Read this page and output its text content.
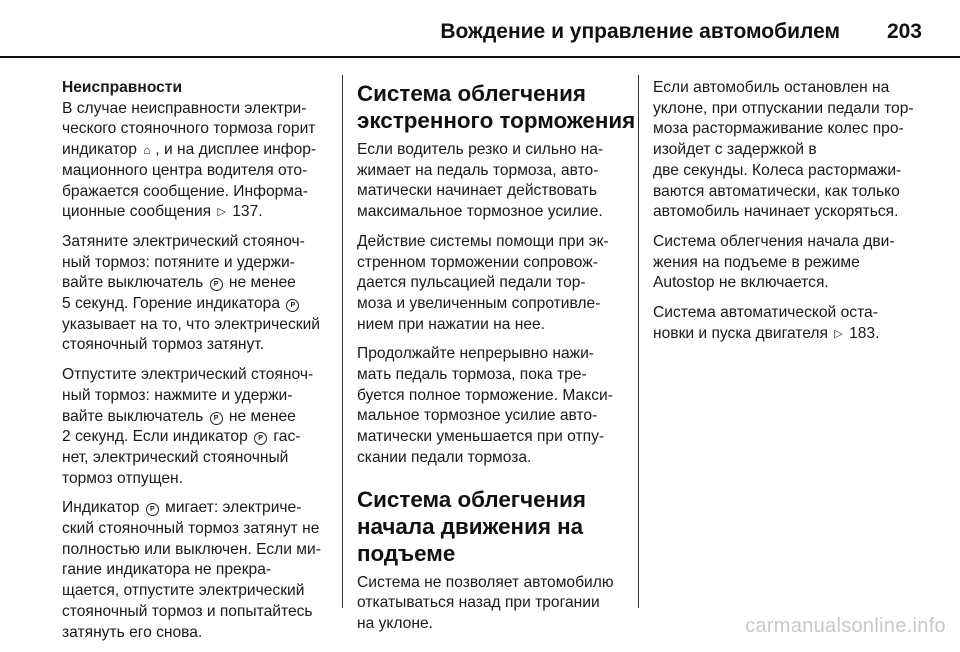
Вождение и управление автомобилем	203
Неисправности
В случае неисправности электри-
ческого стояночного тормоза горит
индикатор ⌂ , и на дисплее инфор-
мационного центра водителя ото-
бражается сообщение. Информа-
ционные сообщения ▷ 137.
Затяните электрический стояноч-
ный тормоз: потяните и удержи-
вайте выключатель P не менее
5 секунд. Горение индикатора P
указывает на то, что электрический
стояночный тормоз затянут.
Отпустите электрический стояноч-
ный тормоз: нажмите и удержи-
вайте выключатель P не менее
2 секунд. Если индикатор P гас-
нет, электрический стояночный
тормоз отпущен.
Индикатор P мигает: электриче-
ский стояночный тормоз затянут не
полностью или выключен. Если ми-
гание индикатора не прекра-
щается, отпустите электрический
стояночный тормоз и попытайтесь
затянуть его снова.
Система облегчения
экстренного торможения
Если водитель резко и сильно на-
жимает на педаль тормоза, авто-
матически начинает действовать
максимальное тормозное усилие.
Действие системы помощи при эк-
стренном торможении сопровож-
дается пульсацией педали тор-
моза и увеличенным сопротивле-
нием при нажатии на нее.
Продолжайте непрерывно нажи-
мать педаль тормоза, пока тре-
буется полное торможение. Макси-
мальное тормозное усилие авто-
матически уменьшается при отпу-
скании педали тормоза.
Система облегчения
начала движения на
подъеме
Система не позволяет автомобилю
откатываться назад при трогании
на уклоне.
Если автомобиль остановлен на
уклоне, при отпускании педали тор-
моза растормаживание колес про-
изойдет с задержкой в
две секунды. Колеса растормажи-
ваются автоматически, как только
автомобиль начинает ускоряться.
Система облегчения начала дви-
жения на подъеме в режиме
Autostop не включается.
Система автоматической оста-
новки и пуска двигателя ▷ 183.
carmanualsonline.info
